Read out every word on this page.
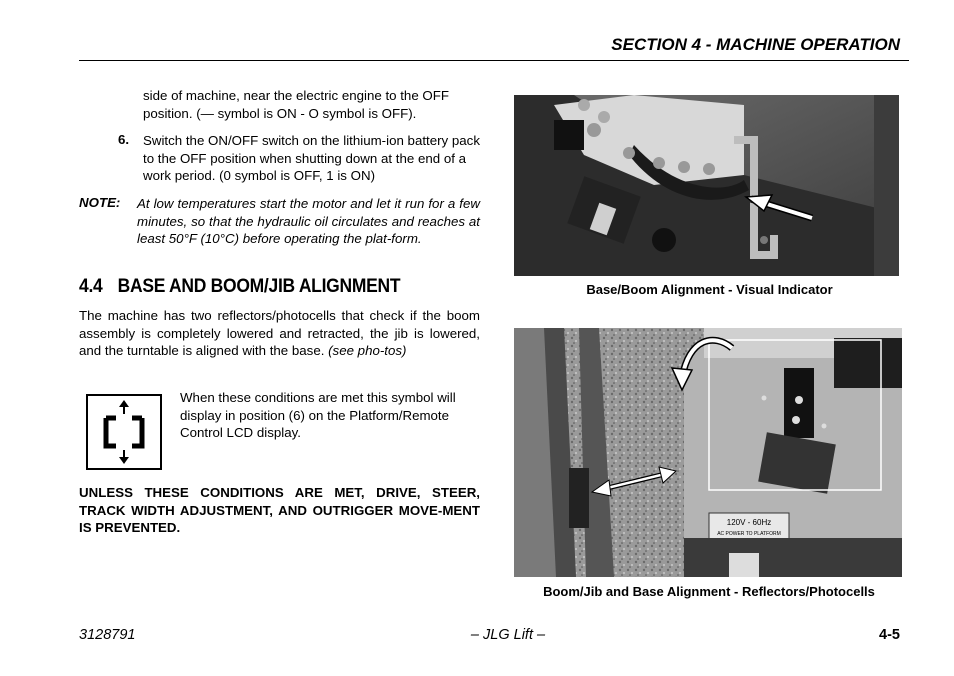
SECTION 4 - MACHINE OPERATION
side of machine, near the electric engine to the OFF position. (— symbol is ON - O symbol is OFF).
6. Switch the ON/OFF switch on the lithium-ion battery pack to the OFF position when shutting down at the end of a work period. (0 symbol is OFF, 1 is ON)
NOTE: At low temperatures start the motor and let it run for a few minutes, so that the hydraulic oil circulates and reaches at least 50°F (10°C) before operating the plat-form.
4.4 BASE AND BOOM/JIB ALIGNMENT
The machine has two reflectors/photocells that check if the boom assembly is completely lowered and retracted, the jib is lowered, and the turntable is aligned with the base. (see pho-tos)
When these conditions are met this symbol will display in position (6) on the Platform/Remote Control LCD display.
UNLESS THESE CONDITIONS ARE MET, DRIVE, STEER, TRACK WIDTH ADJUSTMENT, AND OUTRIGGER MOVE-MENT IS PREVENTED.
Base/Boom Alignment - Visual Indicator
120V - 60Hz
AC POWER TO PLATFORM
Boom/Jib and Base Alignment - Reflectors/Photocells
3128791	– JLG Lift –	4-5
